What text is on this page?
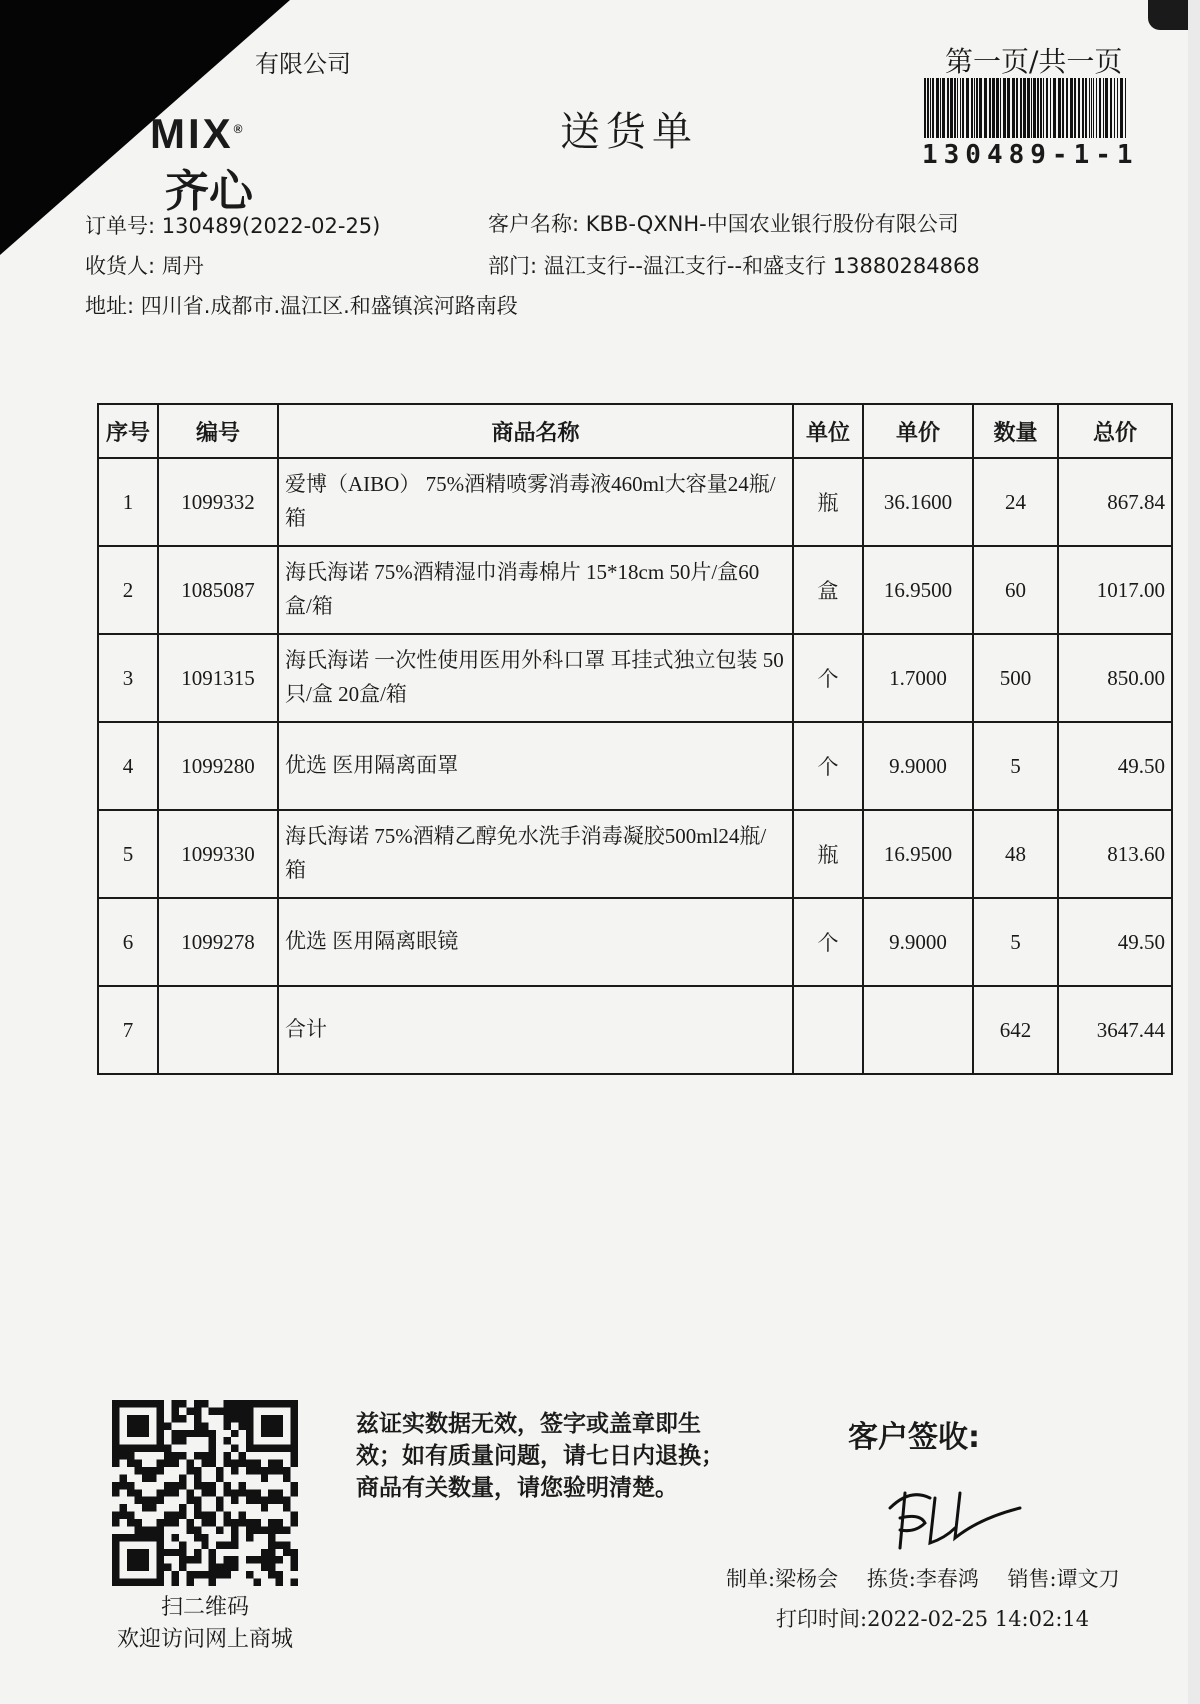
有限公司
MIX®
齐心
送货单
第一页/共一页
130489-1-1
订单号: 130489(2022-02-25)	客户名称: KBB-QXNH-中国农业银行股份有限公司
收货人: 周丹	部门: 温江支行--温江支行--和盛支行 13880284868
地址: 四川省.成都市.温江区.和盛镇滨河路南段
序号	编号	商品名称	单位	单价	数量	总价
1	1099332	爱博（AIBO） 75%酒精喷雾消毒液460ml大容量24瓶/箱	瓶	36.1600	24	867.84
2	1085087	海氏海诺 75%酒精湿巾消毒棉片 15*18cm 50片/盒60盒/箱	盒	16.9500	60	1017.00
3	1091315	海氏海诺 一次性使用医用外科口罩 耳挂式独立包装 50只/盒 20盒/箱	个	1.7000	500	850.00
4	1099280	优选 医用隔离面罩	个	9.9000	5	49.50
5	1099330	海氏海诺 75%酒精乙醇免水洗手消毒凝胶500ml24瓶/箱	瓶	16.9500	48	813.60
6	1099278	优选 医用隔离眼镜	个	9.9000	5	49.50
7		合计			642	3647.44
扫二维码
欢迎访问网上商城
兹证实数据无效，签字或盖章即生
效；如有质量问题，请七日内退换；
商品有关数量，请您验明清楚。
客户签收:
制单:梁杨会 拣货:李春鸿 销售:谭文刀
打印时间:2022-02-25 14:02:14
